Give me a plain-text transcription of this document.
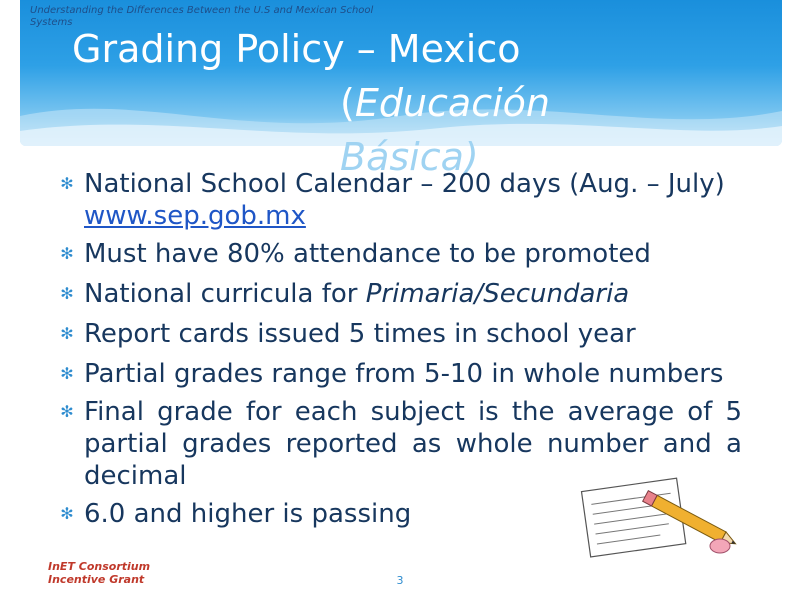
Understanding the Differences Between the U.S and Mexican School Systems
Grading Policy – Mexico
(Educación
Básica)
✻ National School Calendar – 200 days (Aug. – July) www.sep.gob.mx
✻ Must have 80% attendance to be promoted
✻ National curricula for Primaria/Secundaria
✻ Report cards issued 5 times in school year
✻ Partial grades range from 5-10 in whole numbers
✻ Final grade for each subject is the average of 5 partial grades reported as whole number and a decimal
✻ 6.0 and higher is passing
InET Consortium
Incentive Grant	3
